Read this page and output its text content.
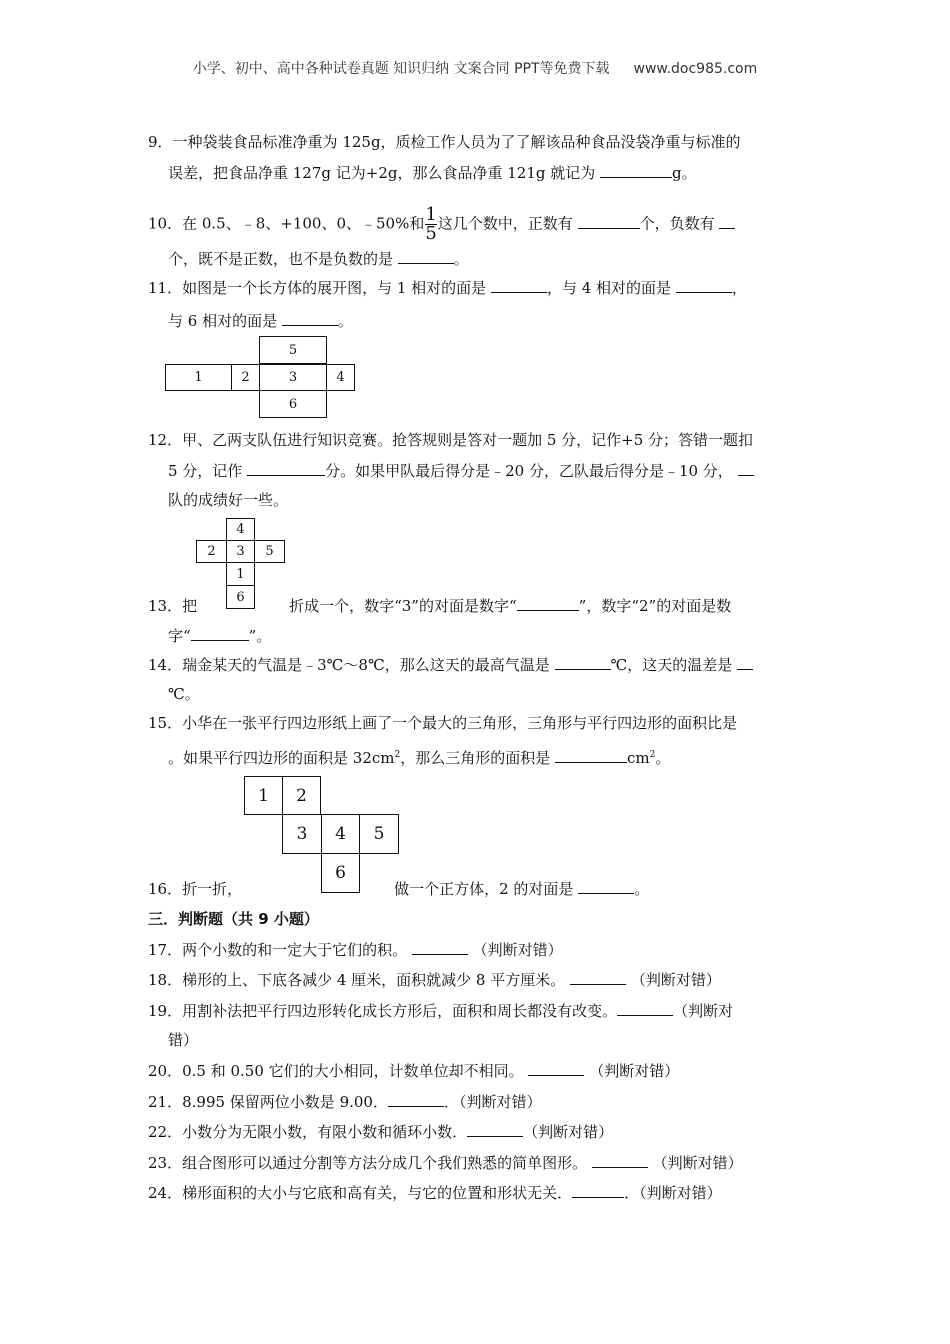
小学、初中、高中各种试卷真题 知识归纳 文案合同 PPT等免费下载 www.doc985.com
9．一种袋装食品标准净重为 125g，质检工作人员为了了解该品种食品没袋净重与标准的
误差，把食品净重 127g 记为+2g，那么食品净重 121g 就记为	g。
10．在 0.5、﹣8、+100、0、﹣50%和 $\frac{1}{5}$ 这几个数中，正数有	个，负数有
个，既不是正数，也不是负数的是	。
11．如图是一个长方体的展开图，与 1 相对的面是	，与 4 相对的面是	，
与 6 相对的面是	。
5
1	2	3	4
6
12．甲、乙两支队伍进行知识竞赛。抢答规则是答对一题加 5 分，记作+5 分；答错一题扣
5 分，记作	分。如果甲队最后得分是﹣20 分，乙队最后得分是﹣10 分，
队的成绩好一些。
4
2	3	5
1
6
13．把	折成一个，数字“3”的对面是数字“	”，数字“2”的对面是数
字“	”。
14．瑞金某天的气温是﹣3℃～8℃，那么这天的最高气温是	℃，这天的温差是
℃。
15．小华在一张平行四边形纸上画了一个最大的三角形，三角形与平行四边形的面积比是
。如果平行四边形的面积是 $32cm^2$，那么三角形的面积是	$cm^2$。
1	2
3	4	5
6
16．折一折，	做一个正方体，2 的对面是	。
三．判断题（共 9 小题）
17．两个小数的和一定大于它们的积。	（判断对错）
18．梯形的上、下底各减少 4 厘米，面积就减少 8 平方厘米。	（判断对错）
19．用割补法把平行四边形转化成长方形后，面积和周长都没有改变。	（判断对
错）
20．0.5 和 0.50 它们的大小相同，计数单位却不相同。	（判断对错）
21．8.995 保留两位小数是 9.00．	．（判断对错）
22．小数分为无限小数，有限小数和循环小数．	（判断对错）
23．组合图形可以通过分割等方法分成几个我们熟悉的简单图形。	（判断对错）
24．梯形面积的大小与它底和高有关，与它的位置和形状无关．	．（判断对错）
